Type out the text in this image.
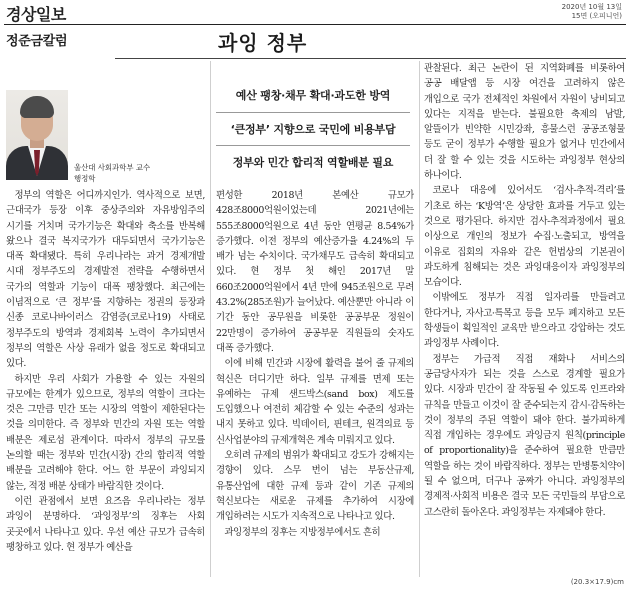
경상일보	2020년 10월 13일
15면 (오피니언)
정준금칼럼	과잉 정부
울산대 사회과학부 교수
행정학
예산 팽창·채무 확대·과도한 방역
‘큰정부’ 지향으로 국민에 비용부담
정부와 민간 합리적 역할배분 필요

정부의 역할은 어디까지인가. 역사적으로 보면, 근대국가 등장 이후 중상주의와 자유방임주의 시기를 거치며 국가기능은 확대와 축소를 반복해 왔으나 결국 복지국가가 대두되면서 국가기능은 대폭 확대됐다. 특히 우리나라는 과거 경제개발 시대 정부주도의 경제발전 전략을 수행하면서 국가의 역할과 기능이 대폭 팽창했다. 최근에는 이념적으로 ‘큰 정부’를 지향하는 정권의 등장과 신종 코로나바이러스 감염증(코로나19) 사태로 정부주도의 방역과 경제회복 노력이 추가되면서 정부의 역할은 사상 유래가 없을 정도로 확대되고 있다.

하지만 우리 사회가 가용할 수 있는 자원의 규모에는 한계가 있으므로, 정부의 역할이 크다는 것은 그만큼 민간 또는 시장의 역할이 제한된다는 것을 의미한다. 즉 정부와 민간의 자원 또는 역할 배분은 제로섬 관계이다. 따라서 정부의 규모를 논의할 때는 정부와 민간(시장) 간의 합리적 역할 배분을 고려해야 한다. 어느 한 부문이 과잉되지 않는, 적정 배분 상태가 바람직한 것이다.

이런 관점에서 보면 요즈음 우리나라는 정부 과잉이 분명하다. ‘과잉정부’의 징후는 사회 곳곳에서 나타나고 있다. 우선 예산 규모가 급속히 팽창하고 있다. 현 정부가 예산을

편성한 2018년 본예산 규모가 428조8000억원이었는데 2021년에는 555조8000억원으로 4년 동안 연평균 8.54%가 증가했다. 이전 정부의 예산증가율 4.24%의 두 배가 넘는 수치이다. 국가채무도 급속히 확대되고 있다. 현 정부 첫 해인 2017년 말 660조2000억원에서 4년 만에 945조원으로 무려 43.2%(285조원)가 늘어났다. 예산뿐만 아니라 이 기간 동안 공무원을 비롯한 공공부문 정원이 22만명이 증가하여 공공부문 직원들의 숫자도 대폭 증가했다.

이에 비해 민간과 시장에 활력을 불어 줄 규제의 혁신은 더디기만 하다. 일부 규제를 면제 또는 유예하는 규제 샌드박스(sand box) 제도를 도입했으나 여전히 체감할 수 있는 수준의 성과는 내지 못하고 있다. 빅데이터, 핀테크, 원격의료 등 신사업분야의 규제개혁은 계속 미뤄지고 있다.

오히려 규제의 범위가 확대되고 강도가 강해지는 경향이 있다. 스무 번이 넘는 부동산규제, 유통산업에 대한 규제 등과 같이 기존 규제의 혁신보다는 새로운 규제를 추가하여 시장에 개입하려는 시도가 지속적으로 나타나고 있다.

과잉정부의 징후는 지방정부에서도 흔히

관찰된다. 최근 논란이 된 지역화폐를 비롯하여 공공 배달앱 등 시장 여건을 고려하지 않은 개입으로 국가 전체적인 차원에서 자원이 낭비되고 있다는 지적을 받는다. 불필요한 축제의 남발, 알뜰이가 빈약한 시민강좌, 흥물스런 공공조형물 등도 굳이 정부가 수행할 필요가 없거나 민간에서 더 잘 할 수 있는 것을 시도하는 과잉정부 현상의 하나이다.

코로나 대응에 있어서도 ‘검사-추적-격리’를 기초로 하는 ‘K방역’은 상당한 효과를 거두고 있는 것으로 평가된다. 하지만 검사-추적과정에서 필요 이상으로 개인의 정보가 수집·노출되고, 방역을 이유로 집회의 자유와 같은 헌법상의 기본권이 과도하게 침해되는 것은 과잉대응이자 과잉정부의 모습이다.

이밖에도 정부가 직접 일자리를 만들려고 한다거나, 자사고·특목고 등을 모두 폐지하고 모든 학생들이 획일적인 교육만 받으라고 강압하는 것도 과잉정부 사례이다.

정부는 가급적 직접 재화나 서비스의 공급당사자가 되는 것을 스스로 경계할 필요가 있다. 시장과 민간이 잘 작동될 수 있도록 인프라와 규칙을 만들고 이것이 잘 준수되는지 감시·감독하는 것이 정부의 주된 역할이 돼야 한다. 불가피하게 직접 개입하는 경우에도 과잉금지 원칙(principle of proportionality)을 준수하여 필요한 만큼만 역할을 하는 것이 바람직하다. 정부는 만병통치약이 될 수 없으며, 더구나 공짜가 아니다. 과잉정부의 경제적·사회적 비용은 결국 모든 국민들의 부담으로 고스란히 돌아온다. 과잉정부는 자제돼야 한다.

(20.3×17.9)cm
